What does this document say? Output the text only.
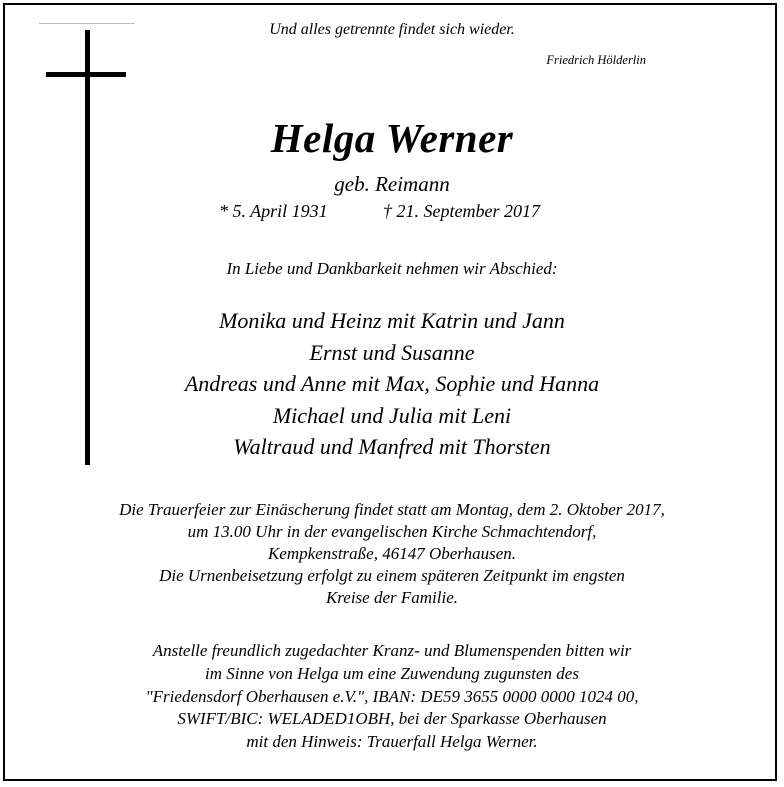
Und alles getrennte findet sich wieder.
Friedrich Hölderlin
Helga Werner
geb. Reimann
* 5. April 1931	† 21. September 2017
In Liebe und Dankbarkeit nehmen wir Abschied:
Monika und Heinz mit Katrin und Jann
Ernst und Susanne
Andreas und Anne mit Max, Sophie und Hanna
Michael und Julia mit Leni
Waltraud und Manfred mit Thorsten
Die Trauerfeier zur Einäscherung findet statt am Montag, dem 2. Oktober 2017,
um 13.00 Uhr in der evangelischen Kirche Schmachtendorf,
Kempkenstraße, 46147 Oberhausen.
Die Urnenbeisetzung erfolgt zu einem späteren Zeitpunkt im engsten
Kreise der Familie.
Anstelle freundlich zugedachter Kranz- und Blumenspenden bitten wir
im Sinne von Helga um eine Zuwendung zugunsten des
"Friedensdorf Oberhausen e.V.", IBAN: DE59 3655 0000 0000 1024 00,
SWIFT/BIC: WELADED1OBH, bei der Sparkasse Oberhausen
mit den Hinweis: Trauerfall Helga Werner.
